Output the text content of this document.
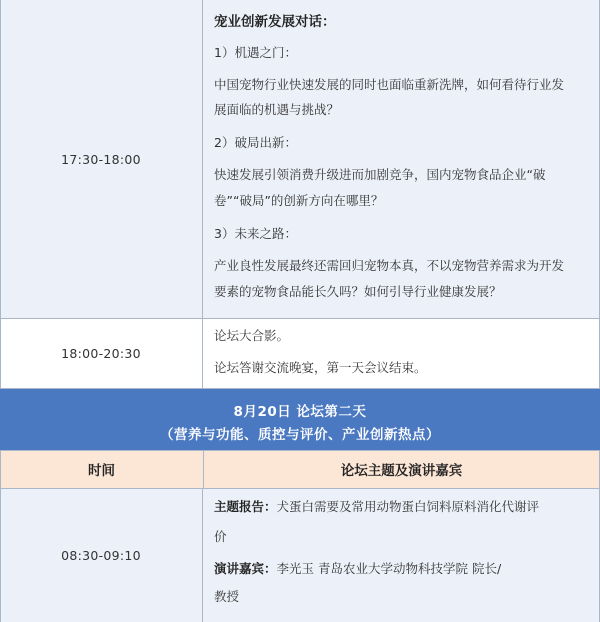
17:30-18:00
宠业创新发展对话：
1）机遇之门：
中国宠物行业快速发展的同时也面临重新洗牌，如何看待行业发
展面临的机遇与挑战？
2）破局出新：
快速发展引领消费升级进而加剧竞争，国内宠物食品企业“破
卷”“破局”的创新方向在哪里？
3）未来之路：
产业良性发展最终还需回归宠物本真，不以宠物营养需求为开发
要素的宠物食品能长久吗？如何引导行业健康发展？
18:00-20:30
论坛大合影。
论坛答谢交流晚宴，第一天会议结束。
8月20日 论坛第二天
（营养与功能、质控与评价、产业创新热点）
时间	论坛主题及演讲嘉宾
08:30-09:10
主题报告：犬蛋白需要及常用动物蛋白饲料原料消化代谢评
价
演讲嘉宾：李光玉 青岛农业大学动物科技学院 院长/
教授
